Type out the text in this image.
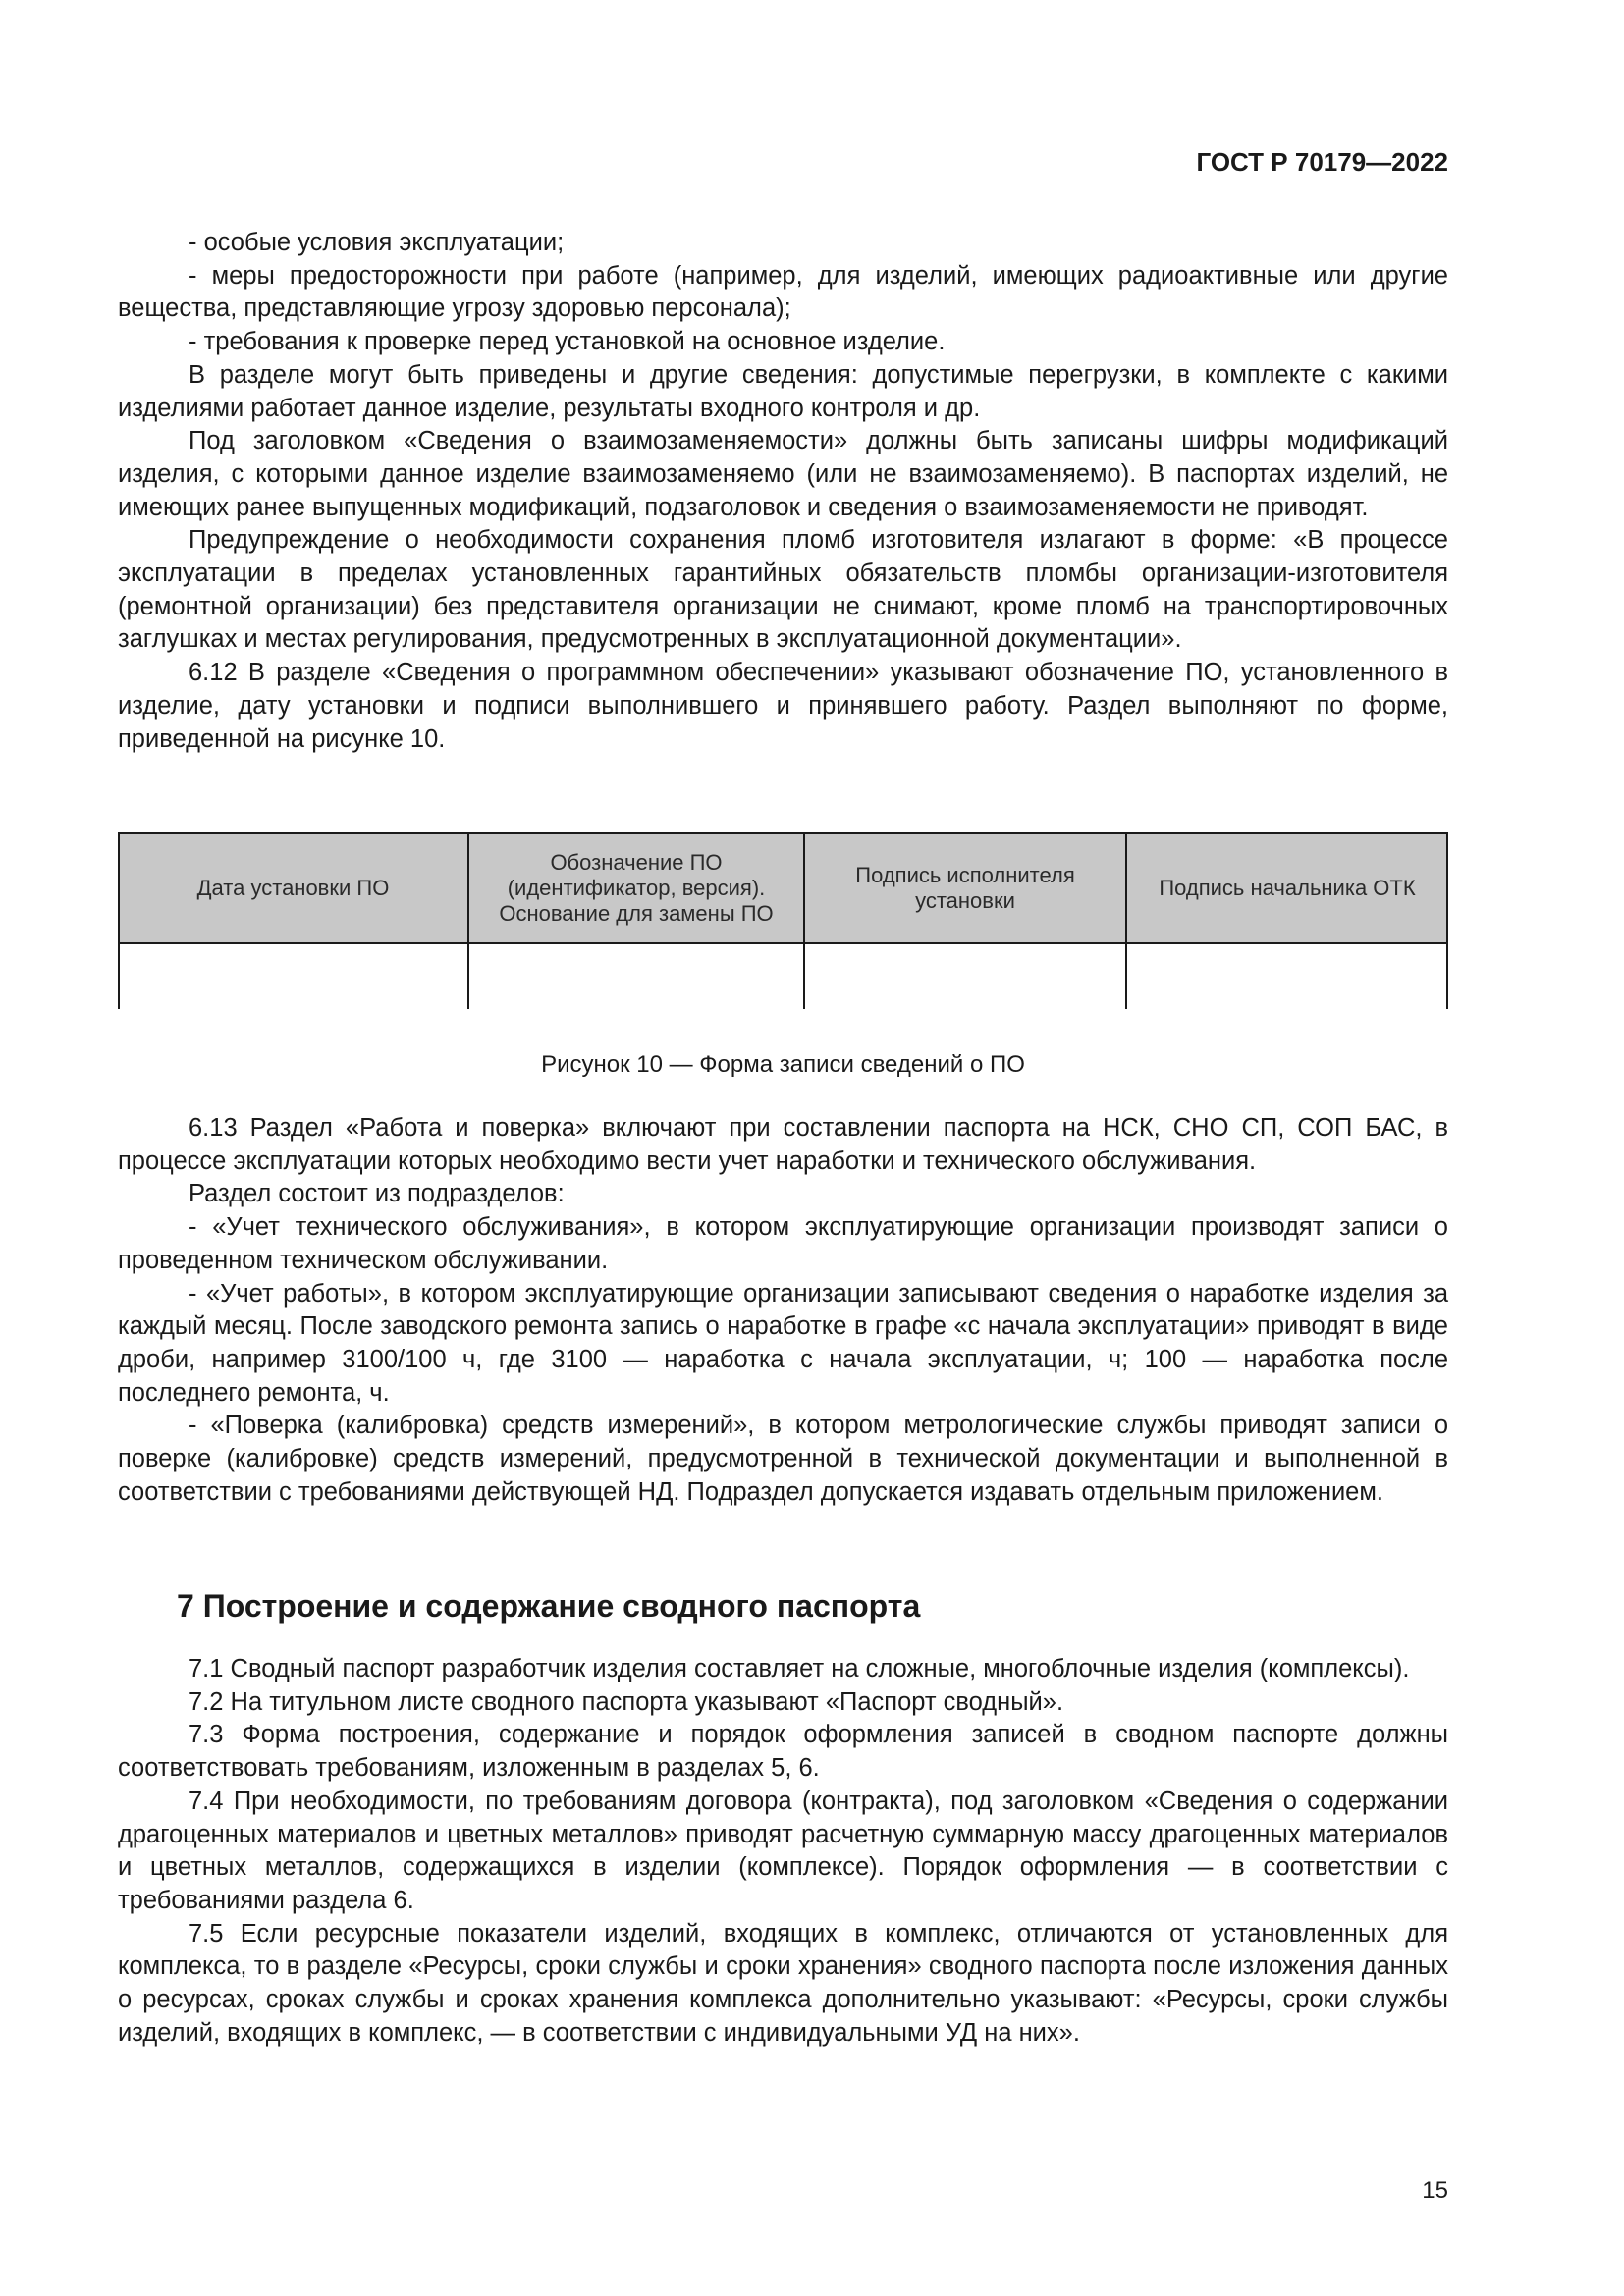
ГОСТ Р 70179—2022

- особые условия эксплуатации;

- меры предосторожности при работе (например, для изделий, имеющих радиоактивные или другие вещества, представляющие угрозу здоровью персонала);

- требования к проверке перед установкой на основное изделие.

В разделе могут быть приведены и другие сведения: допустимые перегрузки, в комплекте с какими изделиями работает данное изделие, результаты входного контроля и др.

Под заголовком «Сведения о взаимозаменяемости» должны быть записаны шифры модификаций изделия, с которыми данное изделие взаимозаменяемо (или не взаимозаменяемо). В паспортах изделий, не имеющих ранее выпущенных модификаций, подзаголовок и сведения о взаимозаменяемости не приводят.

Предупреждение о необходимости сохранения пломб изготовителя излагают в форме: «В процессе эксплуатации в пределах установленных гарантийных обязательств пломбы организации-изготовителя (ремонтной организации) без представителя организации не снимают, кроме пломб на транспортировочных заглушках и местах регулирования, предусмотренных в эксплуатационной документации».

6.12 В разделе «Сведения о программном обеспечении» указывают обозначение ПО, установленного в изделие, дату установки и подписи выполнившего и принявшего работу. Раздел выполняют по форме, приведенной на рисунке 10.

Дата установки ПО
Обозначение ПО (идентификатор, версия). Основание для замены ПО
Подпись исполнителя установки
Подпись начальника ОТК
Рисунок 10 — Форма записи сведений о ПО

6.13 Раздел «Работа и поверка» включают при составлении паспорта на НСК, СНО СП, СОП БАС, в процессе эксплуатации которых необходимо вести учет наработки и технического обслуживания.

Раздел состоит из подразделов:

- «Учет технического обслуживания», в котором эксплуатирующие организации производят записи о проведенном техническом обслуживании.

- «Учет работы», в котором эксплуатирующие организации записывают сведения о наработке изделия за каждый месяц. После заводского ремонта запись о наработке в графе «с начала эксплуатации» приводят в виде дроби, например 3100/100 ч, где 3100 — наработка с начала эксплуатации, ч; 100 — наработка после последнего ремонта, ч.

- «Поверка (калибровка) средств измерений», в котором метрологические службы приводят записи о поверке (калибровке) средств измерений, предусмотренной в технической документации и выполненной в соответствии с требованиями действующей НД. Подраздел допускается издавать отдельным приложением.

7 Построение и содержание сводного паспорта

7.1 Сводный паспорт разработчик изделия составляет на сложные, многоблочные изделия (комплексы).

7.2 На титульном листе сводного паспорта указывают «Паспорт сводный».

7.3 Форма построения, содержание и порядок оформления записей в сводном паспорте должны соответствовать требованиям, изложенным в разделах 5, 6.

7.4 При необходимости, по требованиям договора (контракта), под заголовком «Сведения о содержании драгоценных материалов и цветных металлов» приводят расчетную суммарную массу драгоценных материалов и цветных металлов, содержащихся в изделии (комплексе). Порядок оформления — в соответствии с требованиями раздела 6.

7.5 Если ресурсные показатели изделий, входящих в комплекс, отличаются от установленных для комплекса, то в разделе «Ресурсы, сроки службы и сроки хранения» сводного паспорта после изложения данных о ресурсах, сроках службы и сроках хранения комплекса дополнительно указывают: «Ресурсы, сроки службы изделий, входящих в комплекс, — в соответствии с индивидуальными УД на них».

15
